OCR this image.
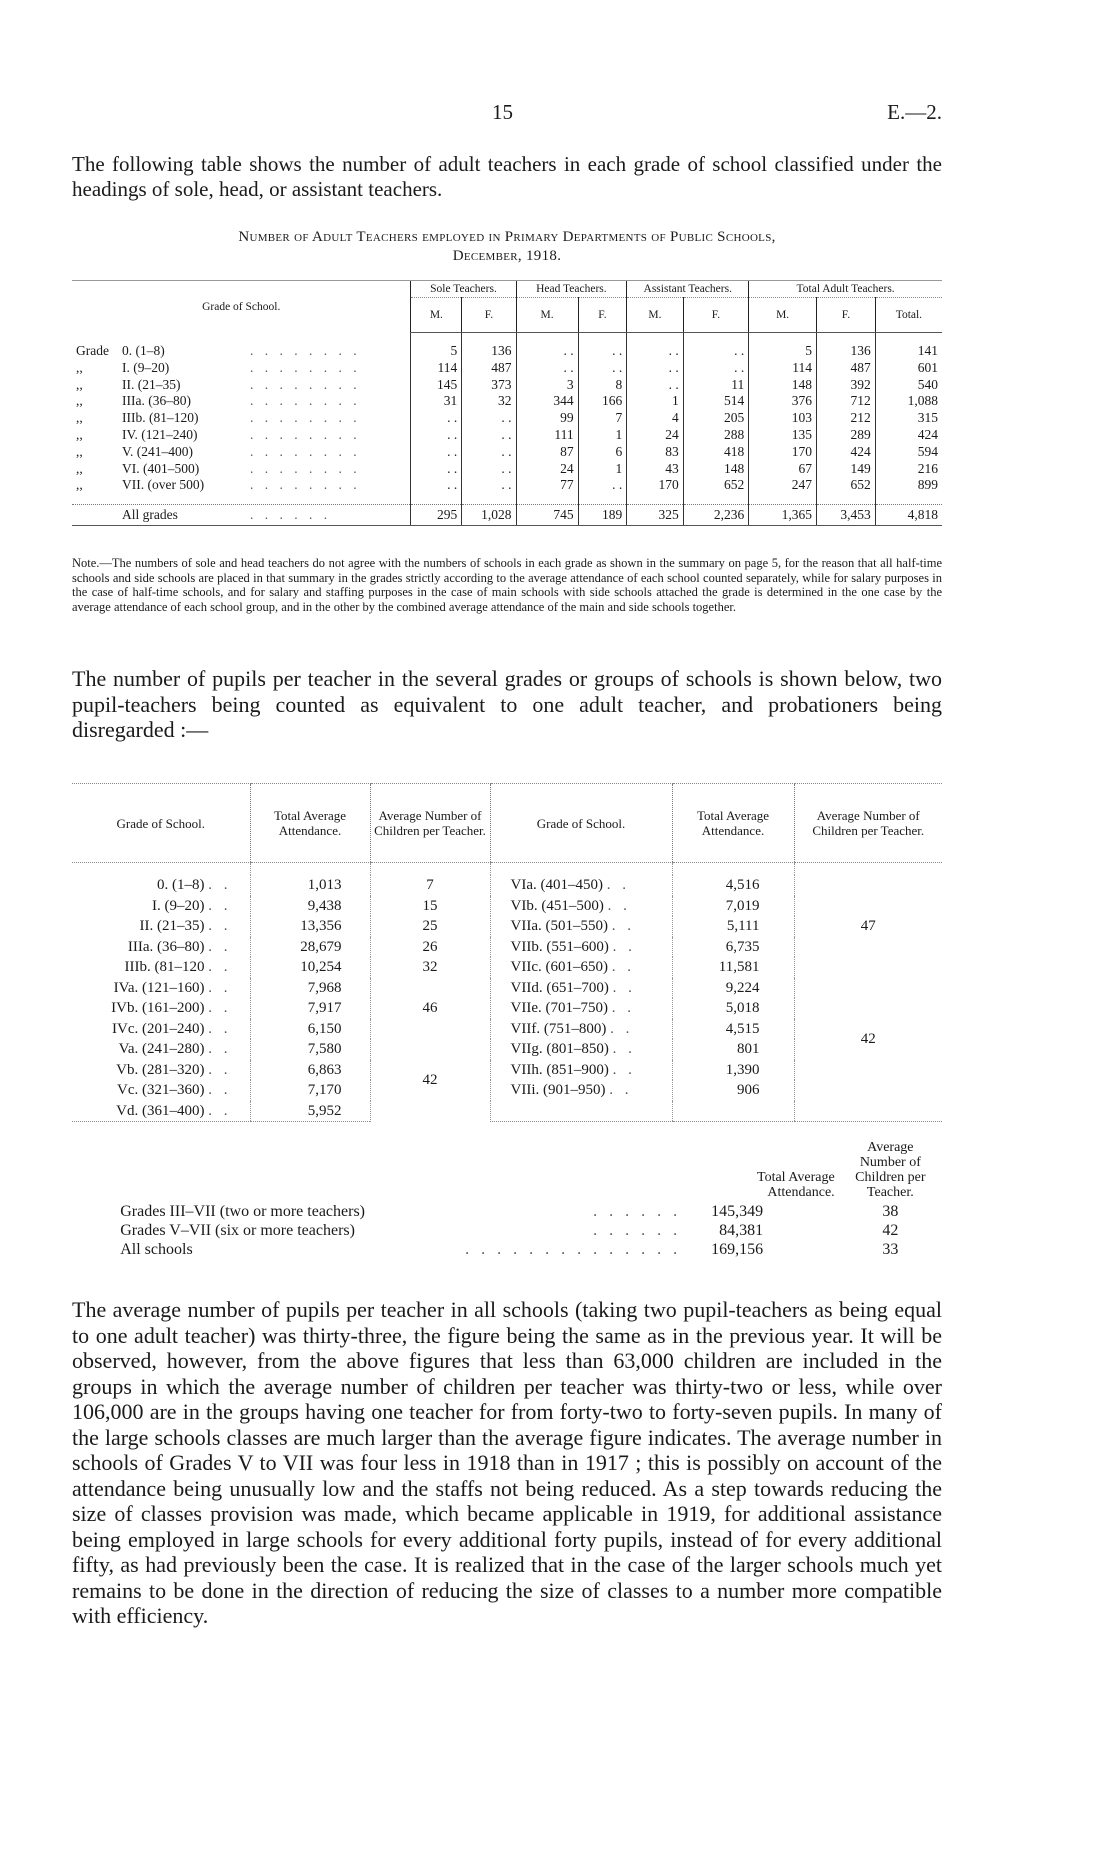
15	E.—2.

The following table shows the number of adult teachers in each grade of school classified under the headings of sole, head, or assistant teachers.

Number of Adult Teachers employed in Primary Departments of Public Schools,
December, 1918.
Grade of School.	Sole Teachers.		Head Teachers.		Assistant Teachers.		Total Adult Teachers.		
	M.	F.	M.	F.	M.	F.	M.	F.	Total.

Grade 0. (1–8) . . . . . . . .	5	136	. .	. .	. .	. .	5	136	141
,, I. (9–20) . . . . . . . .	114	487	. .	. .	. .	. .	114	487	601
,, II. (21–35) . . . . . . . .	145	373	3	8	. .	11	148	392	540
,, IIIa. (36–80) . . . . . . . .	31	32	344	166	1	514	376	712	1,088
,, IIIb. (81–120) . . . . . . . .	. .	. .	99	7	4	205	103	212	315
,, IV. (121–240) . . . . . . . .	. .	. .	111	1	24	288	135	289	424
,, V. (241–400) . . . . . . . .	. .	. .	87	6	83	418	170	424	594
,, VI. (401–500) . . . . . . . .	. .	. .	24	1	43	148	67	149	216
,, VII. (over 500) . . . . . . . .	. .	. .	77	. .	170	652	247	652	899

All grades . . . . . .	295	1,028	745	189	325	2,236	1,365	3,453	4,818

Note.—The numbers of sole and head teachers do not agree with the numbers of schools in each grade as shown in the summary on page 5, for the reason that all half-time schools and side schools are placed in that summary in the grades strictly according to the average attendance of each school counted separately, while for salary purposes in the case of half-time schools, and for salary and staffing purposes in the case of main schools with side schools attached the grade is determined in the one case by the average attendance of each school group, and in the other by the combined average attendance of the main and side schools together.

The number of pupils per teacher in the several grades or groups of schools is shown below, two pupil-teachers being counted as equivalent to one adult teacher, and probationers being disregarded :—

Grade of School.	Total Average Attendance.	Average Number of Children per Teacher.	Grade of School.	Total Average Attendance.	Average Number of Children per Teacher.

0. (1–8) . .	1,013	7	VIa. (401–450) . .	4,516	47
I. (9–20) . .	9,438	15	VIb. (451–500) . .	7,019	
II. (21–35) . .	13,356	25	VIIa. (501–550) . .	5,111	
IIIa. (36–80) . .	28,679	26	VIIb. (551–600) . .	6,735	
IIIb. (81–120 . .	10,254	32	VIIc. (601–650) . .	11,581	
IVa. (121–160) . .	7,968	46	VIId. (651–700) . .	9,224	42
IVb. (161–200) . .	7,917		VIIe. (701–750) . .	5,018	
IVc. (201–240) . .	6,150		VIIf. (751–800) . .	4,515	
Va. (241–280) . .	7,580	42	VIIg. (801–850) . .	801	
Vb. (281–320) . .	6,863		VIIh. (851–900) . .	1,390	
Vc. (321–360) . .	7,170		VIIi. (901–950) . .	906	
Vd. (361–400) . .	5,952				
			Total Average Attendance.		Average Number of Children per Teacher.
	Grades III–VII (two or more teachers)	. . . . . .	145,349		38
	Grades V–VII (six or more teachers)	. . . . . .	84,381		42
	All schools	. . . . . . . . . . . . . .	169,156		33

The average number of pupils per teacher in all schools (taking two pupil-teachers as being equal to one adult teacher) was thirty-three, the figure being the same as in the previous year. It will be observed, however, from the above figures that less than 63,000 children are included in the groups in which the average number of children per teacher was thirty-two or less, while over 106,000 are in the groups having one teacher for from forty-two to forty-seven pupils. In many of the large schools classes are much larger than the average figure indicates. The average number in schools of Grades V to VII was four less in 1918 than in 1917 ; this is possibly on account of the attendance being unusually low and the staffs not being reduced. As a step towards reducing the size of classes provision was made, which became applicable in 1919, for additional assistance being employed in large schools for every additional forty pupils, instead of for every additional fifty, as had previously been the case. It is realized that in the case of the larger schools much yet remains to be done in the direction of reducing the size of classes to a number more compatible with efficiency.
